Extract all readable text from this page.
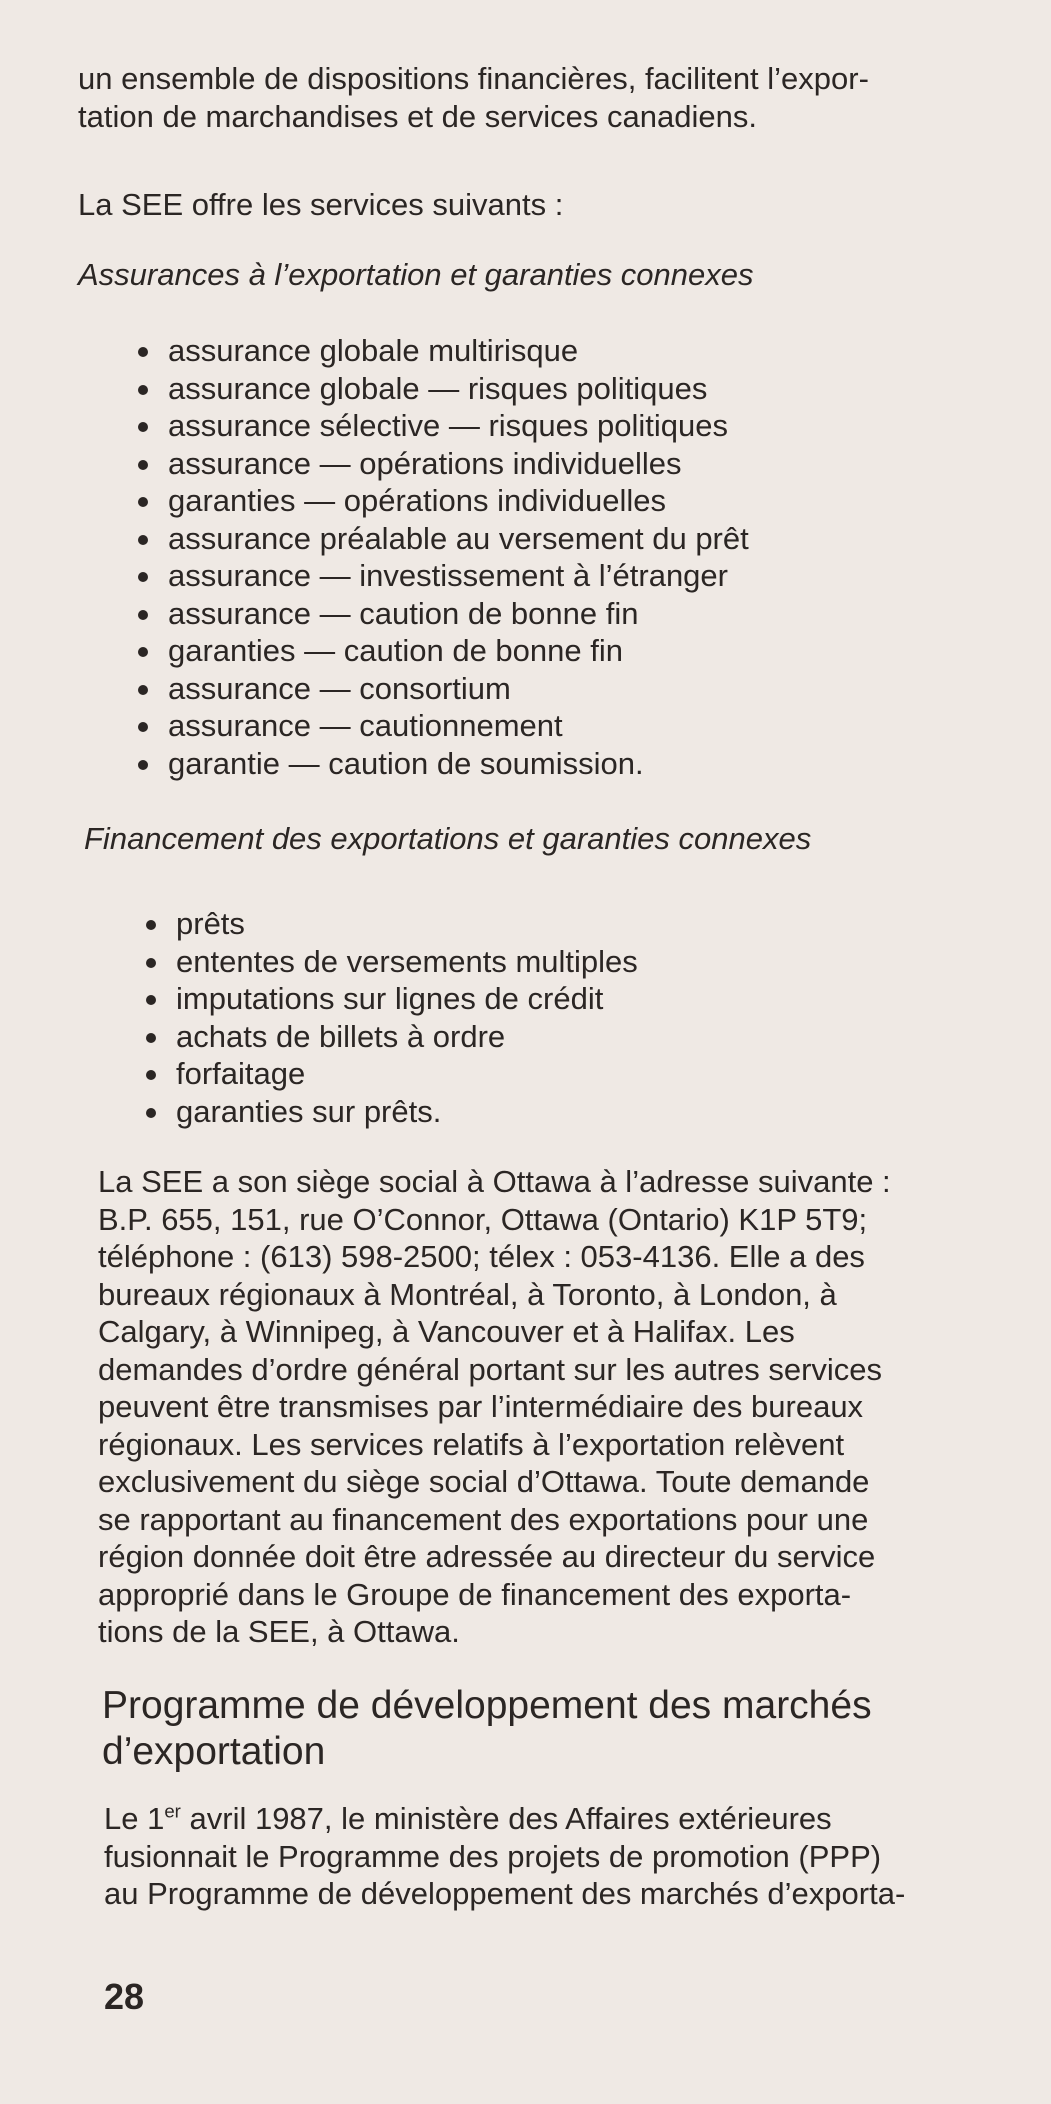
un ensemble de dispositions financières, facilitent l’expor-

tation de marchandises et de services canadiens.

La SEE offre les services suivants :

Assurances à l’exportation et garanties connexes

assurance globale multirisque
assurance globale — risques politiques
assurance sélective — risques politiques
assurance — opérations individuelles
garanties — opérations individuelles
assurance préalable au versement du prêt
assurance — investissement à l’étranger
assurance — caution de bonne fin
garanties — caution de bonne fin
assurance — consortium
assurance — cautionnement
garantie — caution de soumission.

Financement des exportations et garanties connexes

prêts
ententes de versements multiples
imputations sur lignes de crédit
achats de billets à ordre
forfaitage
garanties sur prêts.

La SEE a son siège social à Ottawa à l’adresse suivante :

B.P. 655, 151, rue O’Connor, Ottawa (Ontario) K1P 5T9;

téléphone : (613) 598-2500; télex : 053-4136. Elle a des

bureaux régionaux à Montréal, à Toronto, à London, à

Calgary, à Winnipeg, à Vancouver et à Halifax. Les

demandes d’ordre général portant sur les autres services

peuvent être transmises par l’intermédiaire des bureaux

régionaux. Les services relatifs à l’exportation relèvent

exclusivement du siège social d’Ottawa. Toute demande

se rapportant au financement des exportations pour une

région donnée doit être adressée au directeur du service

approprié dans le Groupe de financement des exporta-

tions de la SEE, à Ottawa.

Programme de développement des marchés

d’exportation

Le 1er avril 1987, le ministère des Affaires extérieures

fusionnait le Programme des projets de promotion (PPP)

au Programme de développement des marchés d’exporta-

28
